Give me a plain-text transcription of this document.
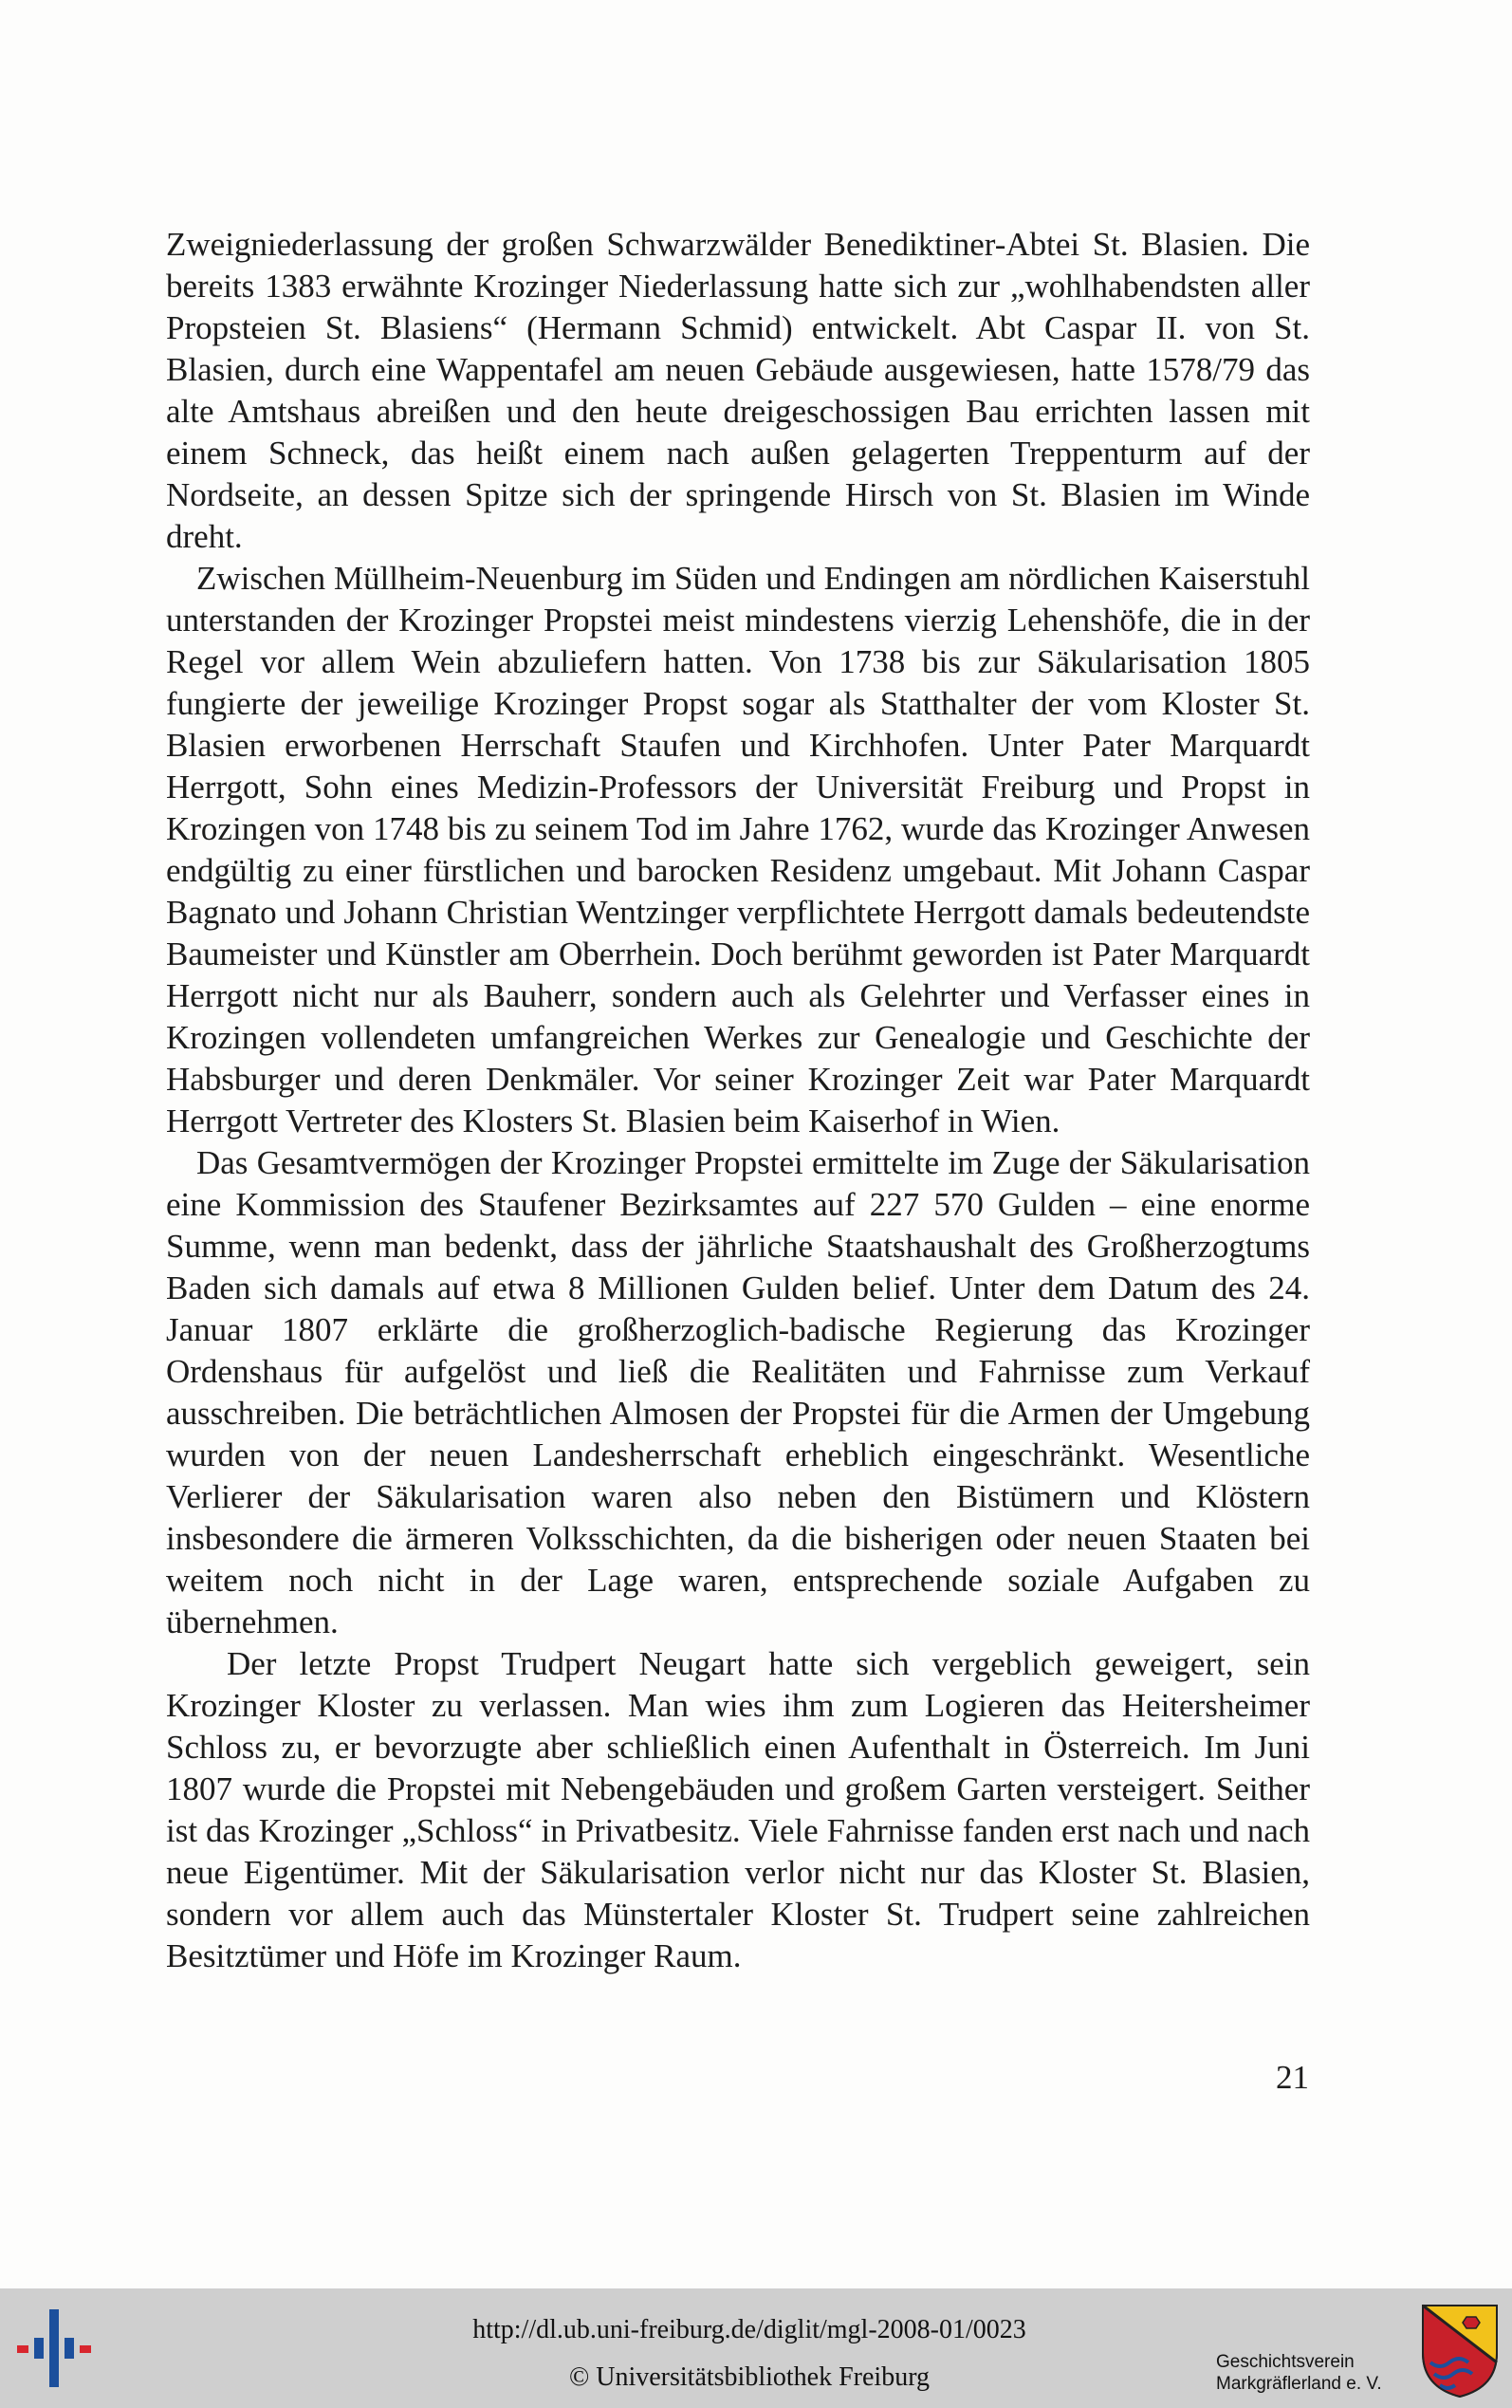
Zweigniederlassung der großen Schwarzwälder Benediktiner-Abtei St. Blasien. Die bereits 1383 erwähnte Krozinger Niederlassung hatte sich zur „wohlhabendsten aller Propsteien St. Blasiens“ (Hermann Schmid) entwickelt. Abt Caspar II. von St. Blasien, durch eine Wappentafel am neuen Gebäude ausgewiesen, hatte 1578/79 das alte Amtshaus abreißen und den heute dreigeschossigen Bau errichten lassen mit einem Schneck, das heißt einem nach außen gelagerten Treppenturm auf der Nordseite, an dessen Spitze sich der springende Hirsch von St. Blasien im Winde dreht.

Zwischen Müllheim-Neuenburg im Süden und Endingen am nördlichen Kaiserstuhl unterstanden der Krozinger Propstei meist mindestens vierzig Lehenshöfe, die in der Regel vor allem Wein abzuliefern hatten. Von 1738 bis zur Säkularisation 1805 fungierte der jeweilige Krozinger Propst sogar als Statthalter der vom Kloster St. Blasien erworbenen Herrschaft Staufen und Kirchhofen. Unter Pater Marquardt Herrgott, Sohn eines Medizin-Professors der Universität Freiburg und Propst in Krozingen von 1748 bis zu seinem Tod im Jahre 1762, wurde das Krozinger Anwesen endgültig zu einer fürstlichen und barocken Residenz umgebaut. Mit Johann Caspar Bagnato und Johann Christian Wentzinger verpflichtete Herrgott damals bedeutendste Baumeister und Künstler am Oberrhein. Doch berühmt geworden ist Pater Marquardt Herrgott nicht nur als Bauherr, sondern auch als Gelehrter und Verfasser eines in Krozingen vollendeten umfangreichen Werkes zur Genealogie und Geschichte der Habsburger und deren Denkmäler. Vor seiner Krozinger Zeit war Pater Marquardt Herrgott Vertreter des Klosters St. Blasien beim Kaiserhof in Wien.

Das Gesamtvermögen der Krozinger Propstei ermittelte im Zuge der Säkularisation eine Kommission des Staufener Bezirksamtes auf 227 570 Gulden – eine enorme Summe, wenn man bedenkt, dass der jährliche Staatshaushalt des Großherzogtums Baden sich damals auf etwa 8 Millionen Gulden belief. Unter dem Datum des 24. Januar 1807 erklärte die großherzoglich-badische Regierung das Krozinger Ordenshaus für aufgelöst und ließ die Realitäten und Fahrnisse zum Verkauf ausschreiben. Die beträchtlichen Almosen der Propstei für die Armen der Umgebung wurden von der neuen Landesherrschaft erheblich eingeschränkt. Wesentliche Verlierer der Säkularisation waren also neben den Bistümern und Klöstern insbesondere die ärmeren Volksschichten, da die bisherigen oder neuen Staaten bei weitem noch nicht in der Lage waren, entsprechende soziale Aufgaben zu übernehmen.

Der letzte Propst Trudpert Neugart hatte sich vergeblich geweigert, sein Krozinger Kloster zu verlassen. Man wies ihm zum Logieren das Heitersheimer Schloss zu, er bevorzugte aber schließlich einen Aufenthalt in Österreich. Im Juni 1807 wurde die Propstei mit Nebengebäuden und großem Garten versteigert. Seither ist das Krozinger „Schloss“ in Privatbesitz. Viele Fahrnisse fanden erst nach und nach neue Eigentümer. Mit der Säkularisation verlor nicht nur das Kloster St. Blasien, sondern vor allem auch das Münstertaler Kloster St. Trudpert seine zahlreichen Besitztümer und Höfe im Krozinger Raum.

21
http://dl.ub.uni-freiburg.de/diglit/mgl-2008-01/0023
© Universitätsbibliothek Freiburg
Geschichtsverein
Markgräflerland e. V.
